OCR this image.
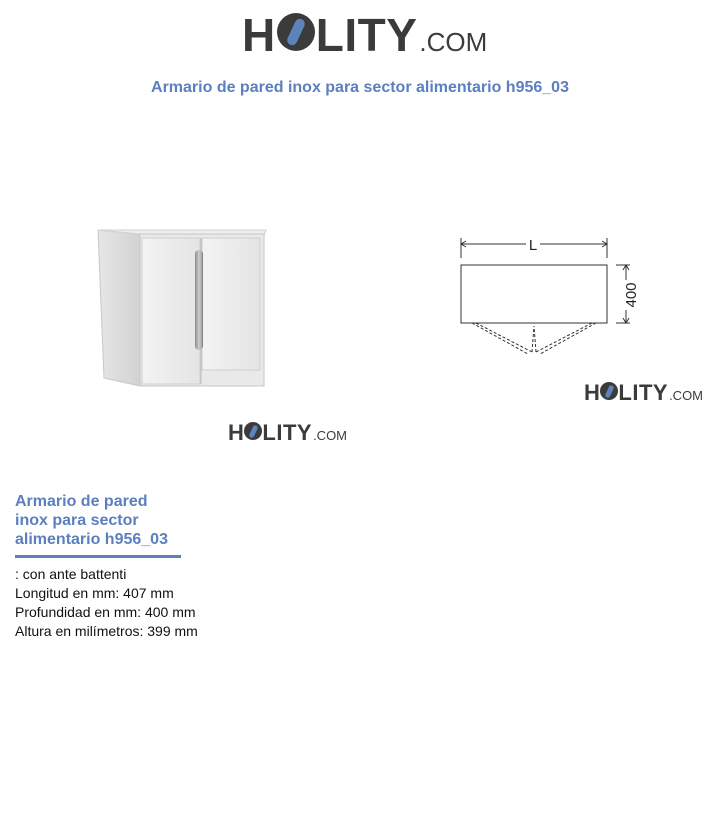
H LITY .COM
Armario de pared inox para sector alimentario h956_03
H LITY .COM
L
400
H LITY .COM
Armario de pared inox para sector alimentario h956_03
: con ante battenti
Longitud en mm: 407 mm
Profundidad en mm: 400 mm
Altura en milímetros: 399 mm
